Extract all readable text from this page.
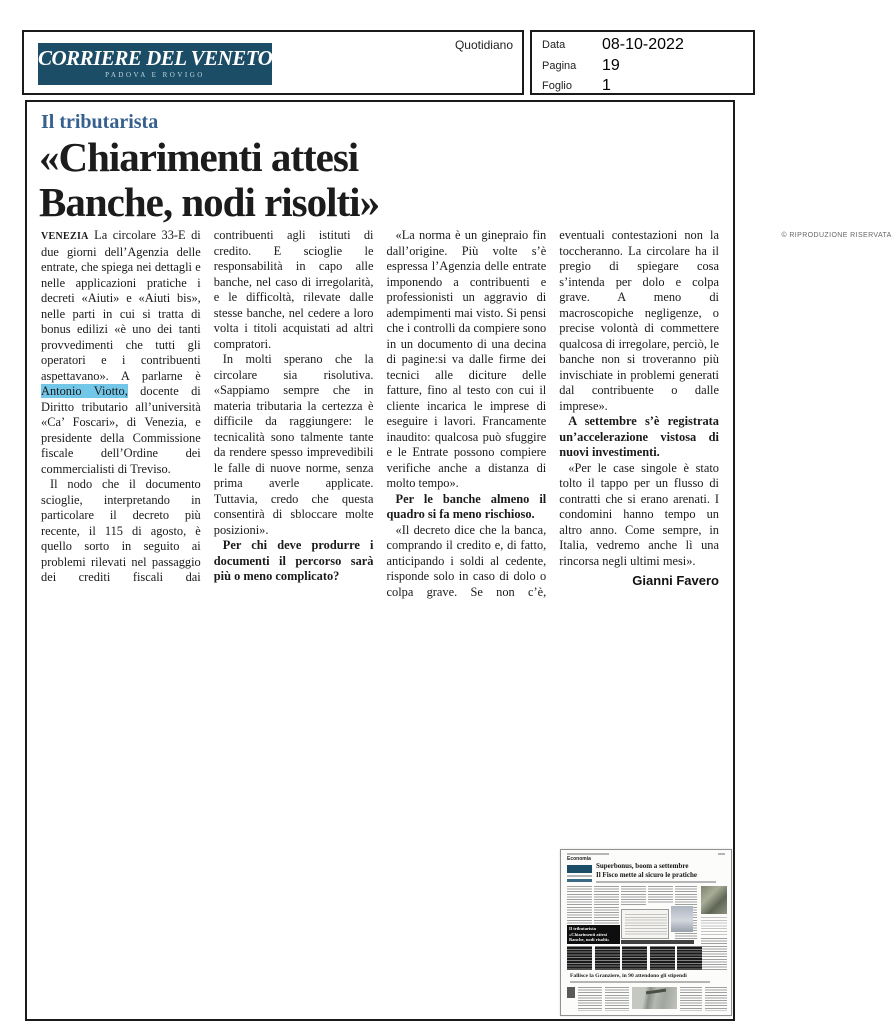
CORRIERE DEL VENETO
PADOVA E ROVIGO
Quotidiano	Data 08-10-2022
Pagina 19
Foglio 1
Il tributarista
«Chiarimenti attesi
Banche, nodi risolti»

VENEZIA La circolare 33-E di due giorni dell’Agenzia delle entrate, che spiega nei dettagli e nelle applicazioni pratiche i decreti «Aiuti» e «Aiuti bis», nelle parti in cui si tratta di bonus edilizi «è uno dei tanti provvedimenti che tutti gli operatori e i contribuenti aspettavano». A parlarne è Antonio Viotto, docente di Diritto tributario all’università «Ca’ Foscari», di Venezia, e presidente della Commissione fiscale dell’Ordine dei commercialisti di Treviso.

Il nodo che il documento scioglie, interpretando in particolare il decreto più recente, il 115 di agosto, è quello sorto in seguito ai problemi rilevati nel passaggio dei crediti fiscali dai contribuenti agli istituti di credito. E scioglie le responsabilità in capo alle banche, nel caso di irregolarità, e le difficoltà, rilevate dalle stesse banche, nel cedere a loro volta i titoli acquistati ad altri compratori.

In molti sperano che la circolare sia risolutiva. «Sappiamo sempre che in materia tributaria la certezza è difficile da raggiungere: le tecnicalità sono talmente tante da rendere spesso imprevedibili le falle di nuove norme, senza prima averle applicate. Tuttavia, credo che questa consentirà di sbloccare molte posizioni».

Per chi deve produrre i documenti il percorso sarà più o meno complicato?

«La norma è un ginepraio fin dall’origine. Più volte s’è espressa l’Agenzia delle entrate imponendo a contribuenti e professionisti un aggravio di adempimenti mai visto. Si pensi che i controlli da compiere sono in un documento di una decina di pagine:si va dalle firme dei tecnici alle diciture delle fatture, fino al testo con cui il cliente incarica le imprese di eseguire i lavori. Francamente inaudito: qualcosa può sfuggire e le Entrate possono compiere verifiche anche a distanza di molto tempo».

Per le banche almeno il quadro si fa meno rischioso.

«Il decreto dice che la banca, comprando il credito e, di fatto, anticipando i soldi al cedente, risponde solo in caso di dolo o colpa grave. Se non c’è, eventuali contestazioni non la toccheranno. La circolare ha il pregio di spiegare cosa s’intenda per dolo e colpa grave. A meno di macroscopiche negligenze, o precise volontà di commettere qualcosa di irregolare, perciò, le banche non si troveranno più invischiate in problemi generati dal contribuente o dalle imprese».

A settembre s’è registrata un’accelerazione vistosa di nuovi investimenti.

«Per le case singole è stato tolto il tappo per un flusso di contratti che si erano arenati. I condomini hanno tempo un altro anno. Come sempre, in Italia, vedremo anche lì una rincorsa negli ultimi mesi».

Gianni Favero
© RIPRODUZIONE RISERVATA
Economia
Superbonus, boom a settembre
Il Fisco mette al sicuro le pratiche
Il tributarista
«Chiarimenti attesi
Banche, nodi risolti»
Fallisce la Granziere, in 90 attendono gli stipendi
